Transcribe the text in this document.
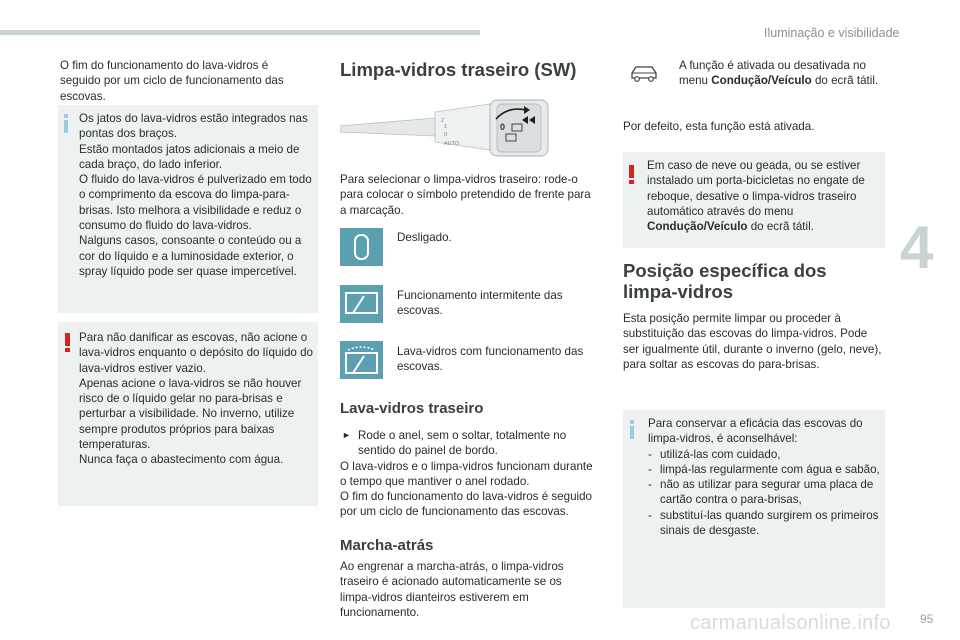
Iluminação e visibilidade
4

O fim do funcionamento do lava-vidros é seguido por um ciclo de funcionamento das escovas.

Os jatos do lava-vidros estão integrados nas pontas dos braços.
Estão montados jatos adicionais a meio de cada braço, do lado inferior.
O fluido do lava-vidros é pulverizado em todo o comprimento da escova do limpa-para-brisas. Isto melhora a visibilidade e reduz o consumo do fluido do lava-vidros.
Nalguns casos, consoante o conteúdo ou a cor do líquido e a luminosidade exterior, o spray líquido pode ser quase impercetível.
Para não danificar as escovas, não acione o lava-vidros enquanto o depósito do líquido do lava-vidros estiver vazio.
Apenas acione o lava-vidros se não houver risco de o líquido gelar no para-brisas e perturbar a visibilidade. No inverno, utilize sempre produtos próprios para baixas temperaturas.
Nunca faça o abastecimento com água.
Limpa-vidros traseiro (SW)
2
1
0
AUTO
0

Para selecionar o limpa-vidros traseiro: rode-o para colocar o símbolo pretendido de frente para a marcação.

Desligado.
Funcionamento intermitente das escovas.
Lava-vidros com funcionamento das escovas.
Lava-vidros traseiro
► Rode o anel, sem o soltar, totalmente no sentido do painel de bordo.

O lava-vidros e o limpa-vidros funcionam durante o tempo que mantiver o anel rodado.
O fim do funcionamento do lava-vidros é seguido por um ciclo de funcionamento das escovas.

Marcha-atrás

Ao engrenar a marcha-atrás, o limpa-vidros traseiro é acionado automaticamente se os limpa-vidros dianteiros estiverem em funcionamento.

A função é ativada ou desativada no menu Condução/Veículo do ecrã tátil.

Por defeito, esta função está ativada.

Em caso de neve ou geada, ou se estiver instalado um porta-bicicletas no engate de reboque, desative o limpa-vidros traseiro automático através do menu Condução/Veículo do ecrã tátil.
Posição específica dos limpa-vidros

Esta posição permite limpar ou proceder à substituição das escovas do limpa-vidros. Pode ser igualmente útil, durante o inverno (gelo, neve), para soltar as escovas do para-brisas.

Para conservar a eficácia das escovas do limpa-vidros, é aconselhável:

- utilizá-las com cuidado,
- limpá-las regularmente com água e sabão,
- não as utilizar para segurar uma placa de cartão contra o para-brisas,
- substituí-las quando surgirem os primeiros sinais de desgaste.
carmanualsonline.info 95
